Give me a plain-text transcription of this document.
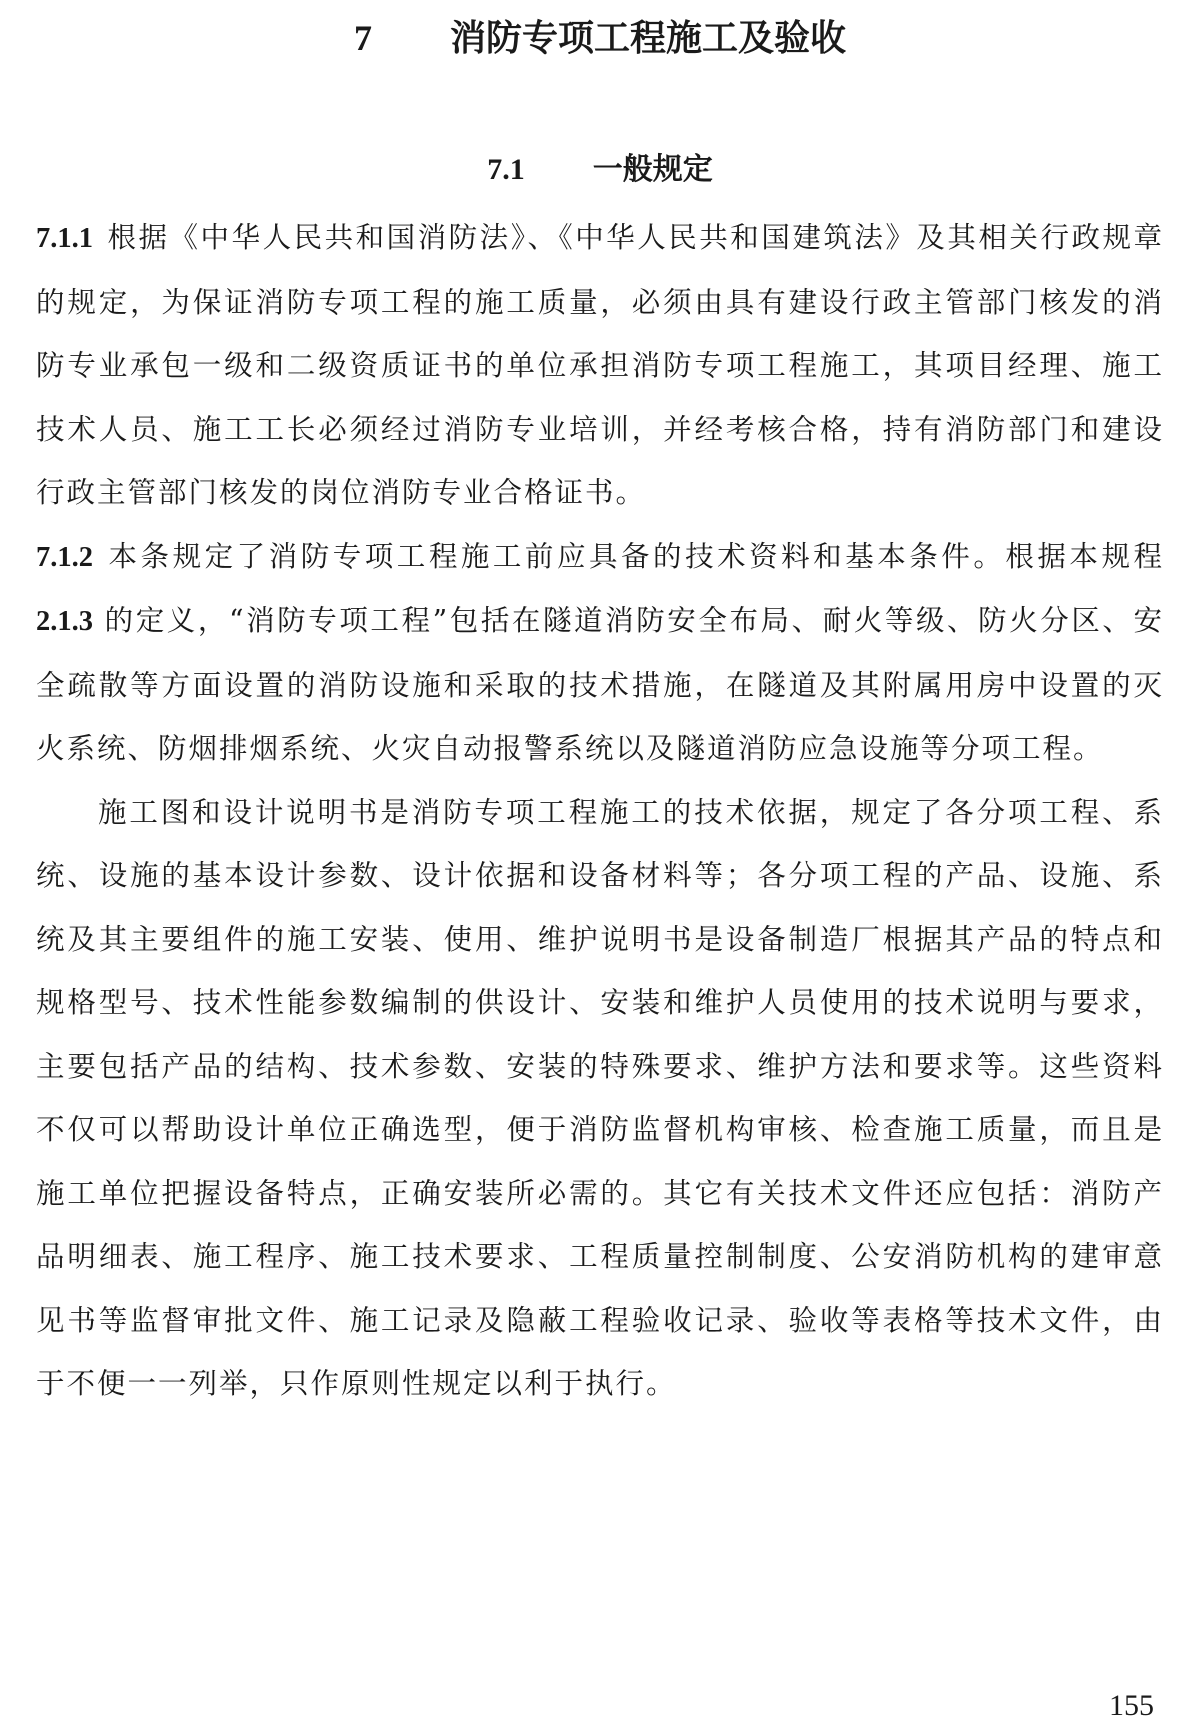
7 消防专项工程施工及验收
7.1 一般规定

7.1.1 根据《中华人民共和国消防法》、《中华人民共和国建筑法》及其相关行政规章的规定，为保证消防专项工程的施工质量，必须由具有建设行政主管部门核发的消防专业承包一级和二级资质证书的单位承担消防专项工程施工，其项目经理、施工技术人员、施工工长必须经过消防专业培训，并经考核合格，持有消防部门和建设行政主管部门核发的岗位消防专业合格证书。

7.1.2 本条规定了消防专项工程施工前应具备的技术资料和基本条件。根据本规程 2.1.3 的定义，“消防专项工程”包括在隧道消防安全布局、耐火等级、防火分区、安全疏散等方面设置的消防设施和采取的技术措施，在隧道及其附属用房中设置的灭火系统、防烟排烟系统、火灾自动报警系统以及隧道消防应急设施等分项工程。

施工图和设计说明书是消防专项工程施工的技术依据，规定了各分项工程、系统、设施的基本设计参数、设计依据和设备材料等；各分项工程的产品、设施、系统及其主要组件的施工安装、使用、维护说明书是设备制造厂根据其产品的特点和规格型号、技术性能参数编制的供设计、安装和维护人员使用的技术说明与要求，主要包括产品的结构、技术参数、安装的特殊要求、维护方法和要求等。这些资料不仅可以帮助设计单位正确选型，便于消防监督机构审核、检查施工质量，而且是施工单位把握设备特点，正确安装所必需的。其它有关技术文件还应包括：消防产品明细表、施工程序、施工技术要求、工程质量控制制度、公安消防机构的建审意见书等监督审批文件、施工记录及隐蔽工程验收记录、验收等表格等技术文件，由于不便一一列举，只作原则性规定以利于执行。

155
